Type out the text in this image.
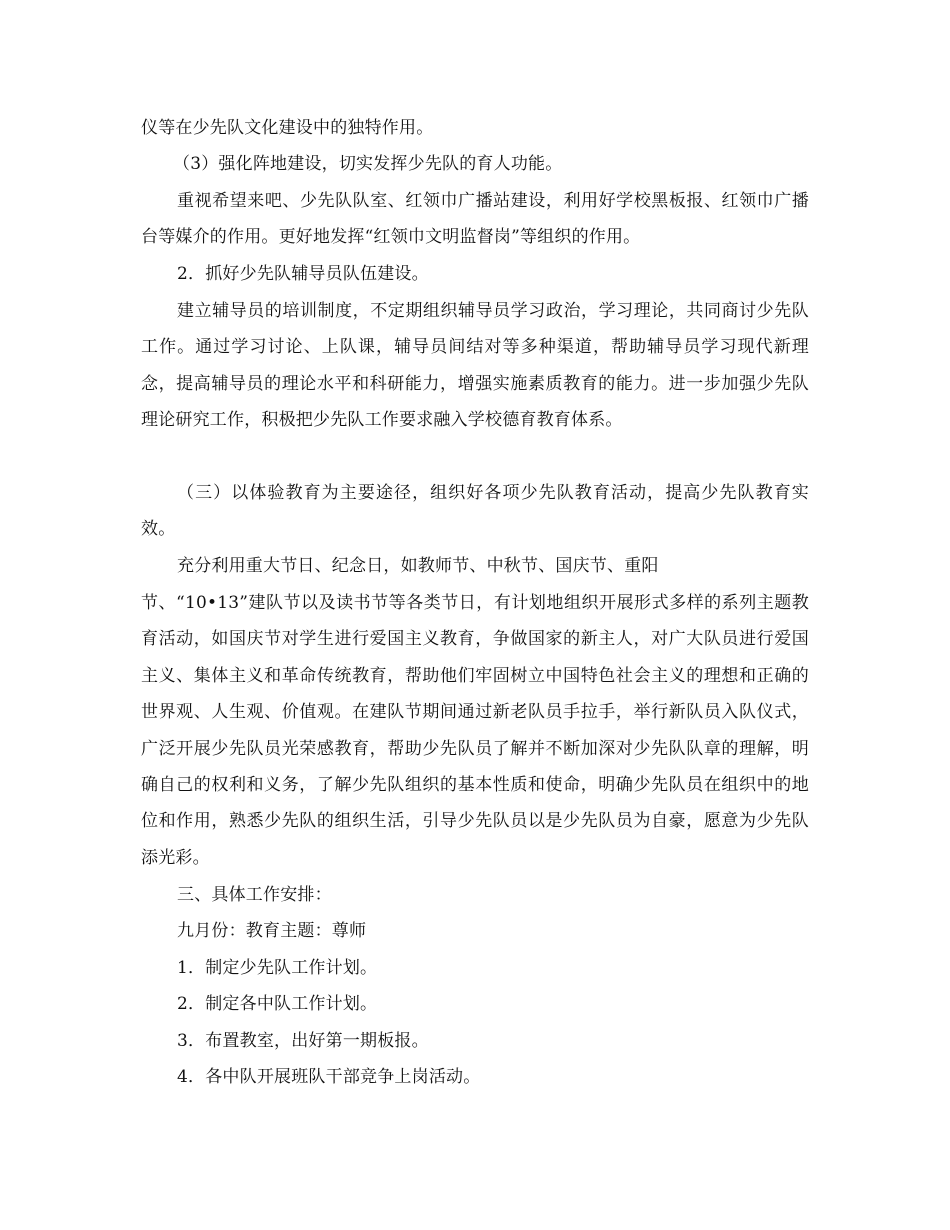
仪等在少先队文化建设中的独特作用。

（3）强化阵地建设，切实发挥少先队的育人功能。

重视希望来吧、少先队队室、红领巾广播站建设，利用好学校黑板报、红领巾广播台等媒介的作用。更好地发挥“红领巾文明监督岗”等组织的作用。

2．抓好少先队辅导员队伍建设。

建立辅导员的培训制度，不定期组织辅导员学习政治，学习理论，共同商讨少先队工作。通过学习讨论、上队课，辅导员间结对等多种渠道，帮助辅导员学习现代新理念，提高辅导员的理论水平和科研能力，增强实施素质教育的能力。进一步加强少先队理论研究工作，积极把少先队工作要求融入学校德育教育体系。

（三）以体验教育为主要途径，组织好各项少先队教育活动，提高少先队教育实效。

充分利用重大节日、纪念日，如教师节、中秋节、国庆节、重阳

节、“10•13”建队节以及读书节等各类节日，有计划地组织开展形式多样的系列主题教育活动，如国庆节对学生进行爱国主义教育，争做国家的新主人，对广大队员进行爱国主义、集体主义和革命传统教育，帮助他们牢固树立中国特色社会主义的理想和正确的世界观、人生观、价值观。在建队节期间通过新老队员手拉手，举行新队员入队仪式，广泛开展少先队员光荣感教育，帮助少先队员了解并不断加深对少先队队章的理解，明确自己的权利和义务，了解少先队组织的基本性质和使命，明确少先队员在组织中的地位和作用，熟悉少先队的组织生活，引导少先队员以是少先队员为自豪，愿意为少先队添光彩。

三、具体工作安排：

九月份：教育主题：尊师

1．制定少先队工作计划。

2．制定各中队工作计划。

3．布置教室，出好第一期板报。

4．各中队开展班队干部竞争上岗活动。
